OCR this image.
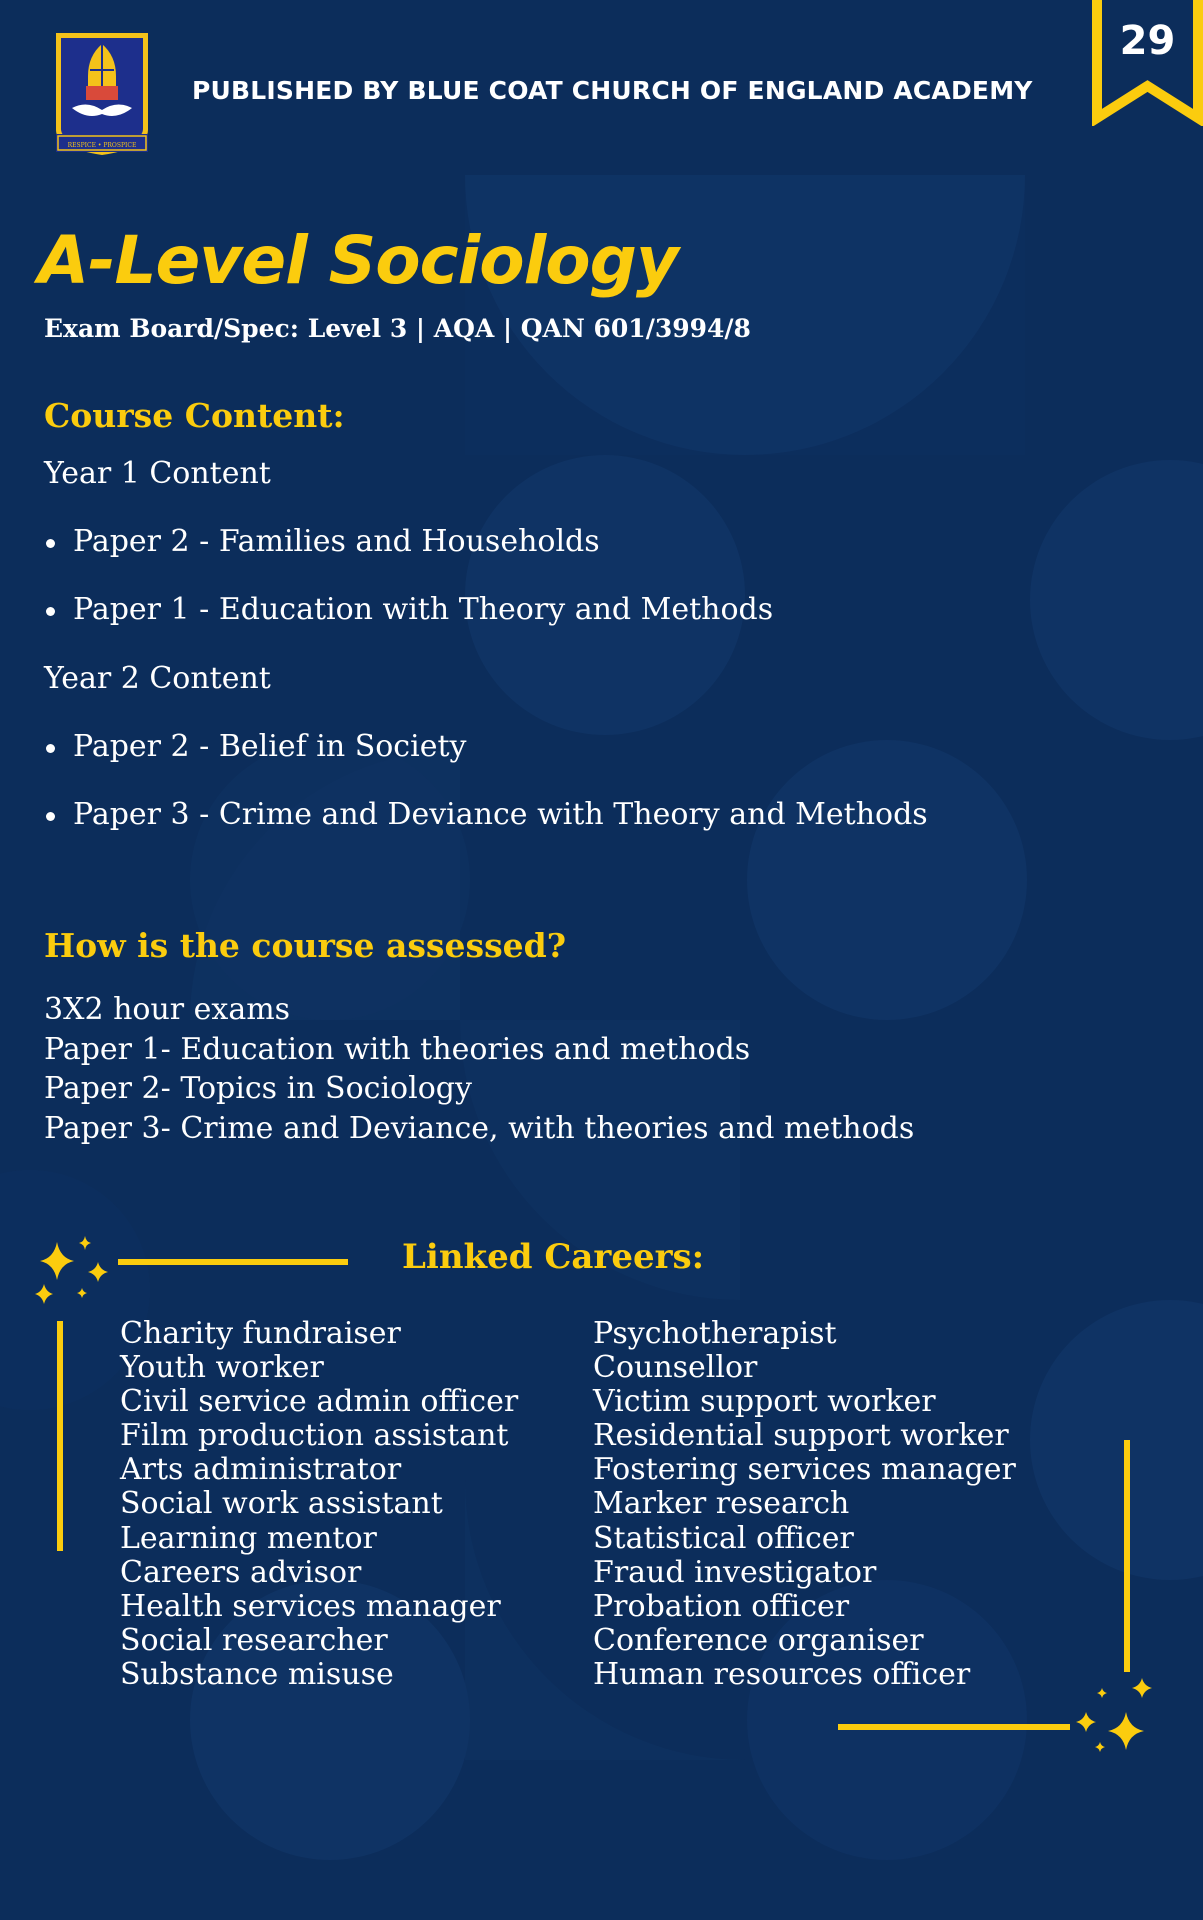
RESPICE • PROSPICE
PUBLISHED BY BLUE COAT CHURCH OF ENGLAND ACADEMY
29
A-Level Sociology
Exam Board/Spec: Level 3 | AQA | QAN 601/3994/8
Course Content:
Year 1 Content
Paper 2 - Families and Households
Paper 1 - Education with Theory and Methods
Year 2 Content
Paper 2 - Belief in Society
Paper 3 - Crime and Deviance with Theory and Methods
How is the course assessed?
3X2 hour exams
Paper 1- Education with theories and methods
Paper 2- Topics in Sociology
Paper 3- Crime and Deviance, with theories and methods
Linked Careers:
Charity fundraiser
Youth worker
Civil service admin officer
Film production assistant
Arts administrator
Social work assistant
Learning mentor
Careers advisor
Health services manager
Social researcher
Substance misuse
Psychotherapist
Counsellor
Victim support worker
Residential support worker
Fostering services manager
Marker research
Statistical officer
Fraud investigator
Probation officer
Conference organiser
Human resources officer
